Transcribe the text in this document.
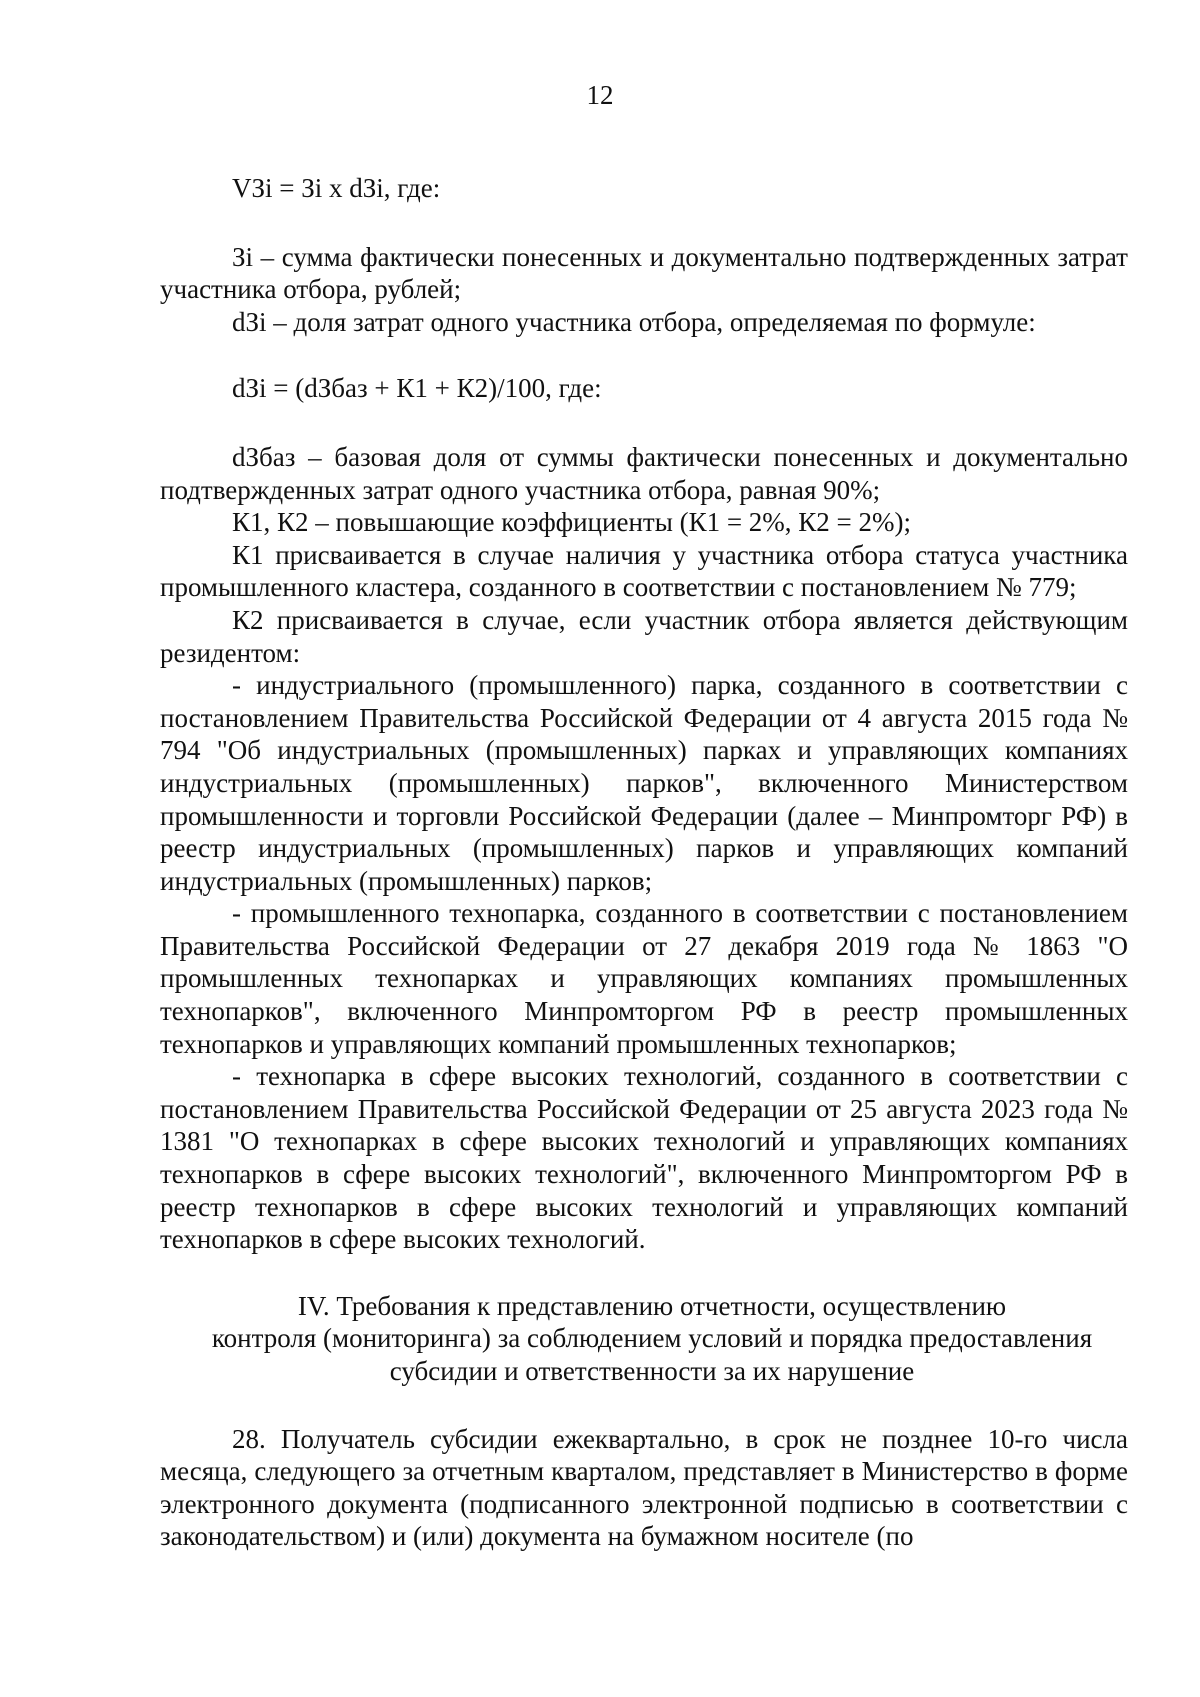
12

VЗi = Зi x dЗi, где:

Зi – сумма фактически понесенных и документально подтвержденных затрат участника отбора, рублей;

dЗi – доля затрат одного участника отбора, определяемая по формуле:

dЗi = (dЗбаз + К1 + К2)/100, где:

dЗбаз – базовая доля от суммы фактически понесенных и документально подтвержденных затрат одного участника отбора, равная 90%;

К1, К2 – повышающие коэффициенты (К1 = 2%, К2 = 2%);

К1 присваивается в случае наличия у участника отбора статуса участника промышленного кластера, созданного в соответствии с постановлением № 779;

К2 присваивается в случае, если участник отбора является действующим резидентом:

- индустриального (промышленного) парка, созданного в соответствии с постановлением Правительства Российской Федерации от 4 августа 2015 года № 794 "Об индустриальных (промышленных) парках и управляющих компаниях индустриальных (промышленных) парков", включенного Министерством промышленности и торговли Российской Федерации (далее – Минпромторг РФ) в реестр индустриальных (промышленных) парков и управляющих компаний индустриальных (промышленных) парков;

- промышленного технопарка, созданного в соответствии с постановлением Правительства Российской Федерации от 27 декабря 2019 года № 1863 "О промышленных технопарках и управляющих компаниях промышленных технопарков", включенного Минпромторгом РФ в реестр промышленных технопарков и управляющих компаний промышленных технопарков;

- технопарка в сфере высоких технологий, созданного в соответствии с постановлением Правительства Российской Федерации от 25 августа 2023 года № 1381 "О технопарках в сфере высоких технологий и управляющих компаниях технопарков в сфере высоких технологий", включенного Минпромторгом РФ в реестр технопарков в сфере высоких технологий и управляющих компаний технопарков в сфере высоких технологий.

IV. Требования к представлению отчетности, осуществлению
контроля (мониторинга) за соблюдением условий и порядка предоставления
субсидии и ответственности за их нарушение

28. Получатель субсидии ежеквартально, в срок не позднее 10-го числа месяца, следующего за отчетным кварталом, представляет в Министерство в форме электронного документа (подписанного электронной подписью в соответствии с законодательством) и (или) документа на бумажном носителе (по
